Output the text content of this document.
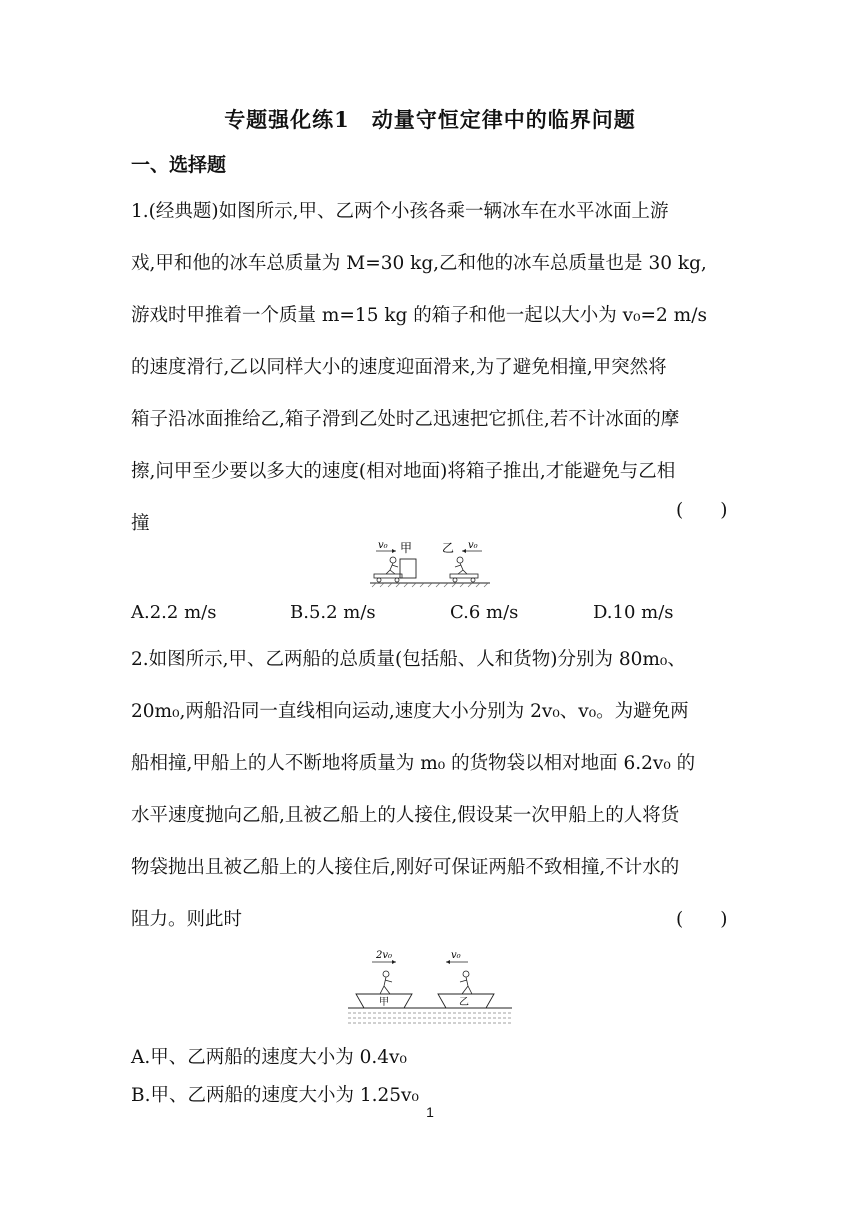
专题强化练1　动量守恒定律中的临界问题
一、选择题
1.(经典题)如图所示,甲、乙两个小孩各乘一辆冰车在水平冰面上游
戏,甲和他的冰车总质量为 M=30 kg,乙和他的冰车总质量也是 30 kg,
游戏时甲推着一个质量 m=15 kg 的箱子和他一起以大小为 v₀=2 m/s
的速度滑行,乙以同样大小的速度迎面滑来,为了避免相撞,甲突然将
箱子沿冰面推给乙,箱子滑到乙处时乙迅速把它抓住,若不计冰面的摩
擦,问甲至少要以多大的速度(相对地面)将箱子推出,才能避免与乙相
撞
(　　)
v₀ 甲 乙 v₀
A.2.2 m/s	B.5.2 m/s	C.6 m/s	D.10 m/s
2.如图所示,甲、乙两船的总质量(包括船、人和货物)分别为 80m₀、
20m₀,两船沿同一直线相向运动,速度大小分别为 2v₀、v₀。为避免两
船相撞,甲船上的人不断地将质量为 m₀ 的货物袋以相对地面 6.2v₀ 的
水平速度抛向乙船,且被乙船上的人接住,假设某一次甲船上的人将货
物袋抛出且被乙船上的人接住后,刚好可保证两船不致相撞,不计水的
阻力。则此时	(　　)
2v₀	v₀
甲	乙
A.甲、乙两船的速度大小为 0.4v₀
B.甲、乙两船的速度大小为 1.25v₀
1
